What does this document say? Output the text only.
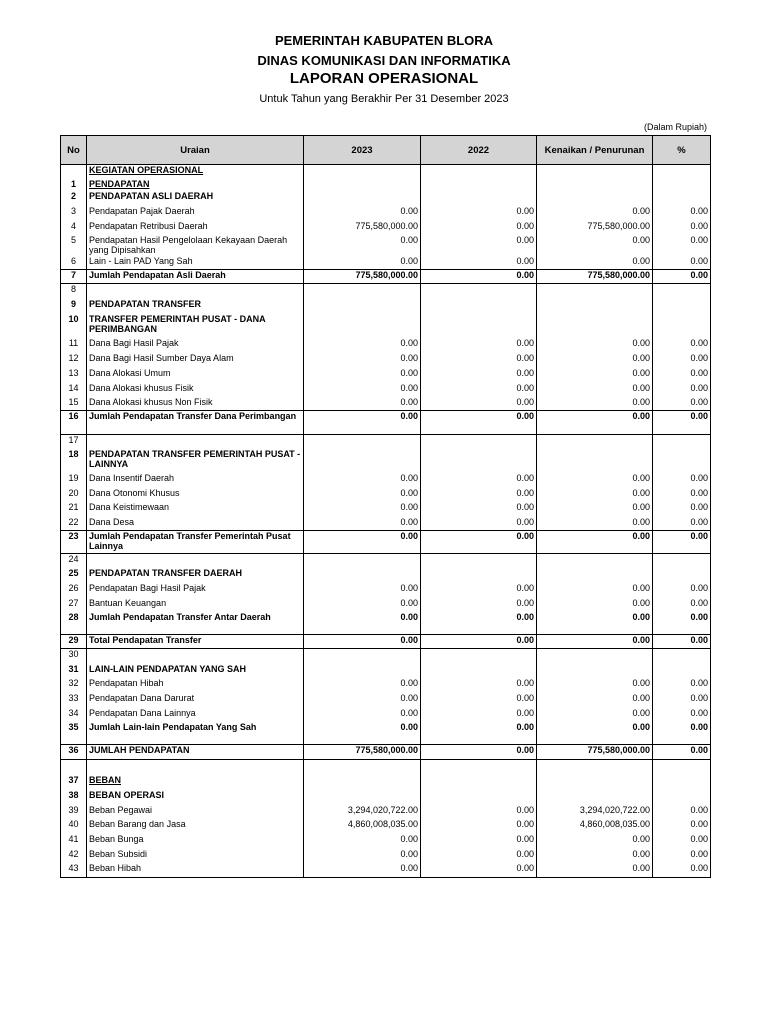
PEMERINTAH KABUPATEN BLORA
DINAS KOMUNIKASI DAN INFORMATIKA
LAPORAN OPERASIONAL
Untuk Tahun yang Berakhir Per 31 Desember 2023
(Dalam Rupiah)
No	Uraian	2023	2022	Kenaikan / Penurunan	%
	KEGIATAN OPERASIONAL				
1	PENDAPATAN				
2	PENDAPATAN ASLI DAERAH				
3	Pendapatan Pajak Daerah	0.00	0.00	0.00	0.00
4	Pendapatan Retribusi Daerah	775,580,000.00	0.00	775,580,000.00	0.00
5	Pendapatan Hasil Pengelolaan Kekayaan Daerah yang Dipisahkan	0.00	0.00	0.00	0.00
6	Lain - Lain PAD Yang Sah	0.00	0.00	0.00	0.00
7	Jumlah Pendapatan Asli Daerah	775,580,000.00	0.00	775,580,000.00	0.00
8					
9	PENDAPATAN TRANSFER				
10	TRANSFER PEMERINTAH PUSAT - DANA PERIMBANGAN				
11	Dana Bagi Hasil Pajak	0.00	0.00	0.00	0.00
12	Dana Bagi Hasil Sumber Daya Alam	0.00	0.00	0.00	0.00
13	Dana Alokasi Umum	0.00	0.00	0.00	0.00
14	Dana Alokasi khusus Fisik	0.00	0.00	0.00	0.00
15	Dana Alokasi khusus Non Fisik	0.00	0.00	0.00	0.00
16	Jumlah Pendapatan Transfer Dana Perimbangan	0.00	0.00	0.00	0.00
17					
18	PENDAPATAN TRANSFER PEMERINTAH PUSAT - LAINNYA				
19	Dana Insentif Daerah	0.00	0.00	0.00	0.00
20	Dana Otonomi Khusus	0.00	0.00	0.00	0.00
21	Dana Keistimewaan	0.00	0.00	0.00	0.00
22	Dana Desa	0.00	0.00	0.00	0.00
23	Jumlah Pendapatan Transfer Pemerintah Pusat Lainnya	0.00	0.00	0.00	0.00
24					
25	PENDAPATAN TRANSFER DAERAH				
26	Pendapatan Bagi Hasil Pajak	0.00	0.00	0.00	0.00
27	Bantuan Keuangan	0.00	0.00	0.00	0.00
28	Jumlah Pendapatan Transfer Antar Daerah	0.00	0.00	0.00	0.00
29	Total Pendapatan Transfer	0.00	0.00	0.00	0.00
30					
31	LAIN-LAIN PENDAPATAN YANG SAH				
32	Pendapatan Hibah	0.00	0.00	0.00	0.00
33	Pendapatan Dana Darurat	0.00	0.00	0.00	0.00
34	Pendapatan Dana Lainnya	0.00	0.00	0.00	0.00
35	Jumlah Lain-lain Pendapatan Yang Sah	0.00	0.00	0.00	0.00
36	JUMLAH PENDAPATAN	775,580,000.00	0.00	775,580,000.00	0.00

37	BEBAN				
38	BEBAN OPERASI				
39	Beban Pegawai	3,294,020,722.00	0.00	3,294,020,722.00	0.00
40	Beban Barang dan Jasa	4,860,008,035.00	0.00	4,860,008,035.00	0.00
41	Beban Bunga	0.00	0.00	0.00	0.00
42	Beban Subsidi	0.00	0.00	0.00	0.00
43	Beban Hibah	0.00	0.00	0.00	0.00
